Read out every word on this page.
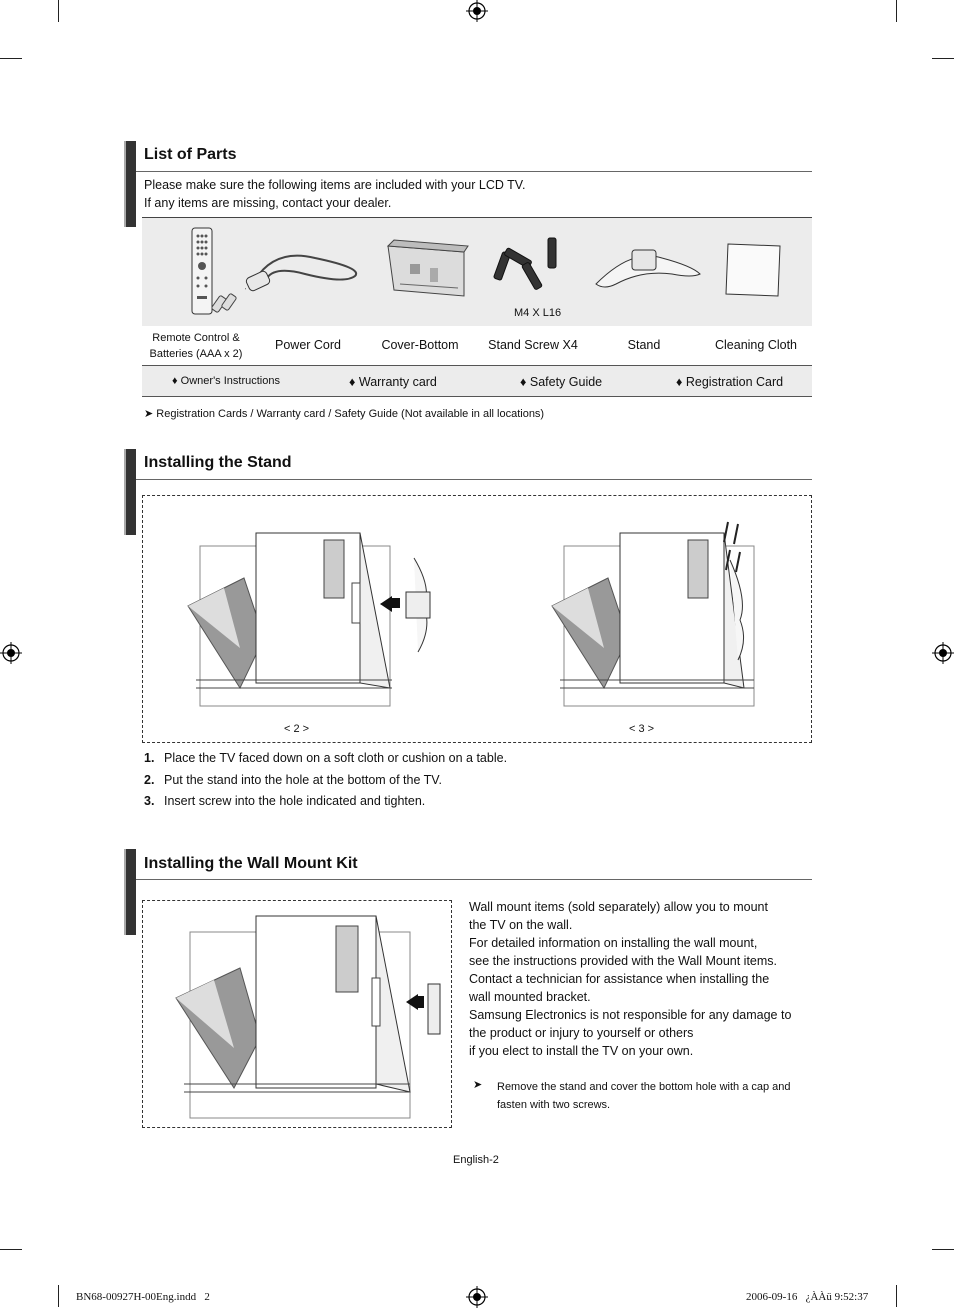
List of Parts
Please make sure the following items are included with your LCD TV.
If any items are missing, contact your dealer.
M4 X L16
Remote Control & Batteries (AAA x 2)
Power Cord	Cover-Bottom	Stand Screw X4	Stand	Cleaning Cloth
♦ Owner's Instructions	♦ Warranty card	♦ Safety Guide	♦ Registration Card
➤ Registration Cards / Warranty card / Safety Guide (Not available in all locations)
Installing the Stand
< 2 >	< 3 >
1. Place the TV faced down on a soft cloth or cushion on a table.
2. Put the stand into the hole at the bottom of the TV.
3. Insert screw into the hole indicated and tighten.
Installing the Wall Mount Kit
Wall mount items (sold separately) allow you to mount
the TV on the wall.
For detailed information on installing the wall mount,
see the instructions provided with the Wall Mount items.
Contact a technician for assistance when installing the
wall mounted bracket.
Samsung Electronics is not responsible for any damage to
the product or injury to yourself or others
if you elect to install the TV on your own.
➤ Remove the stand and cover the bottom hole with a cap and
fasten with two screws.
English-2
BN68-00927H-00Eng.indd   2	2006-09-16   ¿ÀÀü 9:52:37
